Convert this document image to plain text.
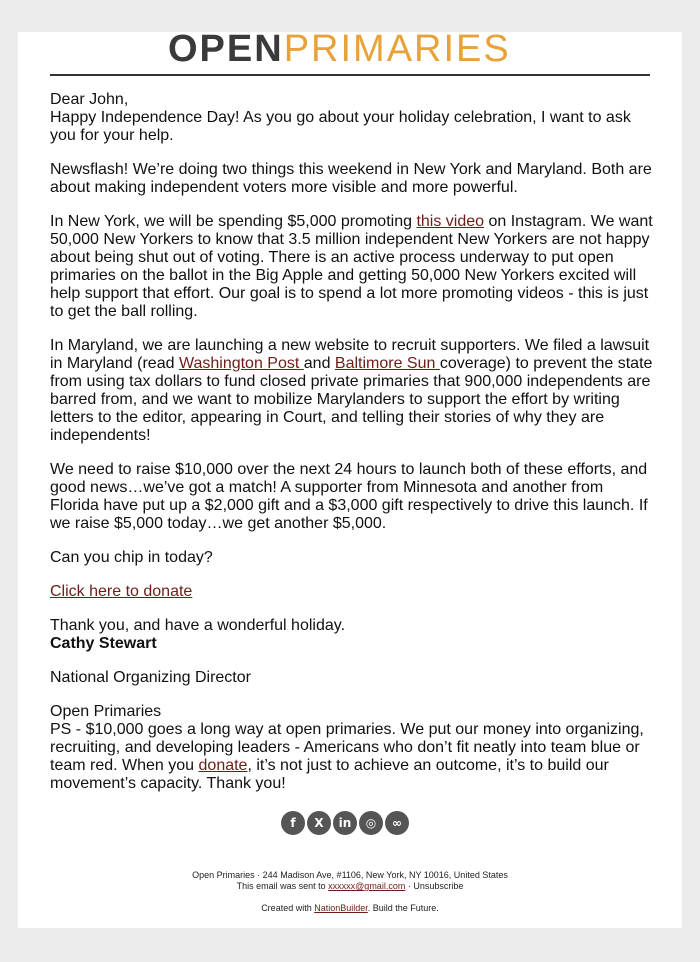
OPENPRIMARIES

Dear John,
Happy Independence Day! As you go about your holiday celebration, I want to ask you for your help.

Newsflash! We’re doing two things this weekend in New York and Maryland. Both are about making independent voters more visible and more powerful.

In New York, we will be spending $5,000 promoting this video on Instagram. We want 50,000 New Yorkers to know that 3.5 million independent New Yorkers are not happy about being shut out of voting. There is an active process underway to put open primaries on the ballot in the Big Apple and getting 50,000 New Yorkers excited will help support that effort. Our goal is to spend a lot more promoting videos - this is just to get the ball rolling.

In Maryland, we are launching a new website to recruit supporters. We filed a lawsuit in Maryland (read Washington Post and Baltimore Sun coverage) to prevent the state from using tax dollars to fund closed private primaries that 900,000 independents are barred from, and we want to mobilize Marylanders to support the effort by writing letters to the editor, appearing in Court, and telling their stories of why they are independents!

We need to raise $10,000 over the next 24 hours to launch both of these efforts, and good news…we’ve got a match! A supporter from Minnesota and another from Florida have put up a $2,000 gift and a $3,000 gift respectively to drive this launch. If we raise $5,000 today…we get another $5,000.

Can you chip in today?

Click here to donate

Thank you, and have a wonderful holiday.
Cathy Stewart

National Organizing Director

Open Primaries
PS - $10,000 goes a long way at open primaries. We put our money into organizing, recruiting, and developing leaders - Americans who don’t fit neatly into team blue or team red. When you donate, it’s not just to achieve an outcome, it’s to build our movement’s capacity. Thank you!

f	X	in	◎	∞
Open Primaries · 244 Madison Ave, #1106, New York, NY 10016, United States
This email was sent to xxxxxx@gmail.com · Unsubscribe
Created with NationBuilder. Build the Future.
